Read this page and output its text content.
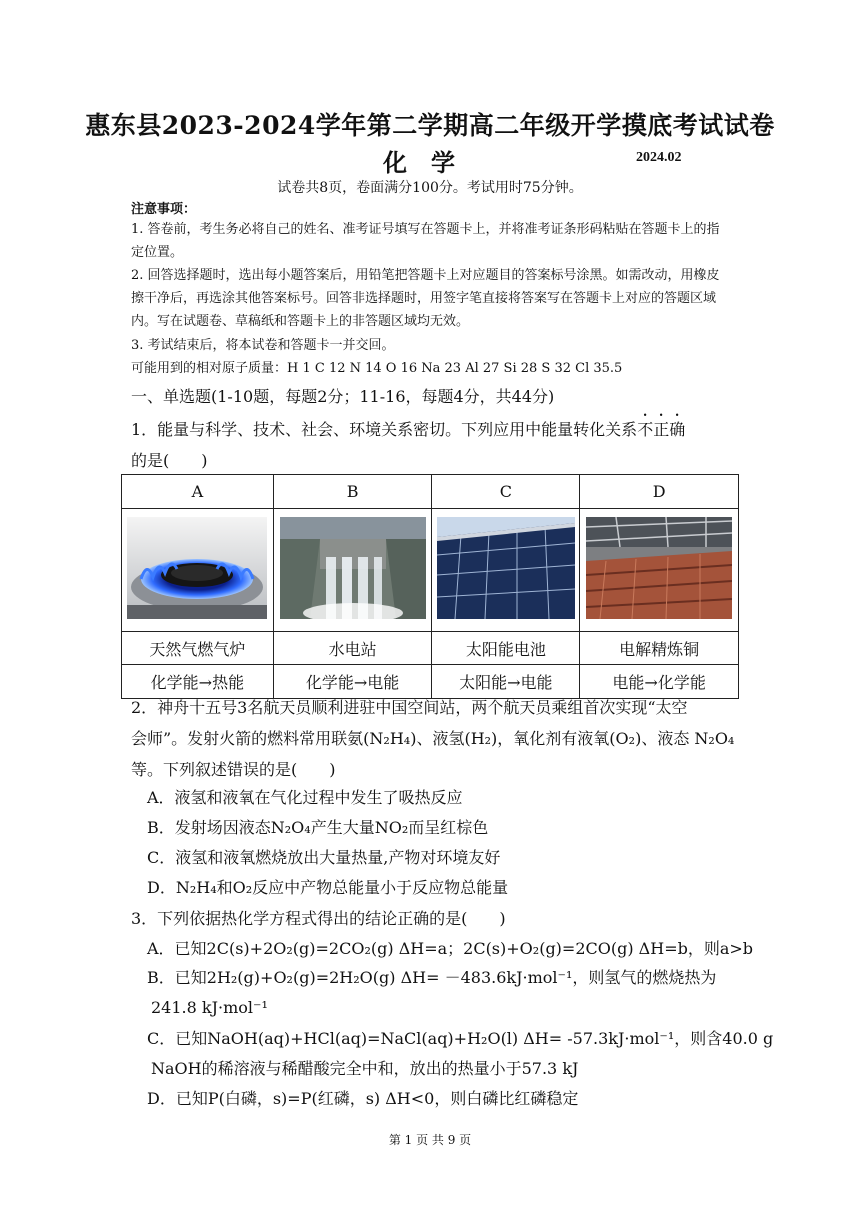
惠东县2023-2024学年第二学期高二年级开学摸底考试试卷
化学	2024.02
试卷共8页，卷面满分100分。考试用时75分钟。
注意事项：
1. 答卷前，考生务必将自己的姓名、准考证号填写在答题卡上，并将准考证条形码粘贴在答题卡上的指定位置。
2. 回答选择题时，选出每小题答案后，用铅笔把答题卡上对应题目的答案标号涂黑。如需改动，用橡皮擦干净后，再选涂其他答案标号。回答非选择题时，用签字笔直接将答案写在答题卡上对应的答题区域内。写在试题卷、草稿纸和答题卡上的非答题区域均无效。
3. 考试结束后，将本试卷和答题卡一并交回。
可能用到的相对原子质量：H 1 C 12 N 14 O 16 Na 23 Al 27 Si 28 S 32 Cl 35.5
一、单选题(1-10题，每题2分；11-16，每题4分，共44分)
1．能量与科学、技术、社会、环境关系密切。下列应用中能量转化关系不正确
的是(　　)
A	B	C	D

天然气燃气炉	水电站	太阳能电池	电解精炼铜
化学能→热能	化学能→电能	太阳能→电能	电能→化学能
2．神舟十五号3名航天员顺利进驻中国空间站，两个航天员乘组首次实现“太空
会师”。发射火箭的燃料常用联氨(N₂H₄)、液氢(H₂)，氧化剂有液氧(O₂)、液态 N₂O₄
等。下列叙述错误的是(　　)
A．液氢和液氧在气化过程中发生了吸热反应
B．发射场因液态N₂O₄产生大量NO₂而呈红棕色
C．液氢和液氧燃烧放出大量热量,产物对环境友好
D．N₂H₄和O₂反应中产物总能量小于反应物总能量
3．下列依据热化学方程式得出的结论正确的是(　　)
A．已知2C(s)+2O₂(g)=2CO₂(g) ΔH=a；2C(s)+O₂(g)=2CO(g) ΔH=b，则a>b
B．已知2H₂(g)+O₂(g)=2H₂O(g) ΔH= －483.6kJ·mol⁻¹，则氢气的燃烧热为
241.8 kJ·mol⁻¹
C．已知NaOH(aq)+HCl(aq)=NaCl(aq)+H₂O(l) ΔH= -57.3kJ·mol⁻¹，则含40.0 g
NaOH的稀溶液与稀醋酸完全中和，放出的热量小于57.3 kJ
D．已知P(白磷，s)=P(红磷，s) ΔH<0，则白磷比红磷稳定
第 1 页 共 9 页
